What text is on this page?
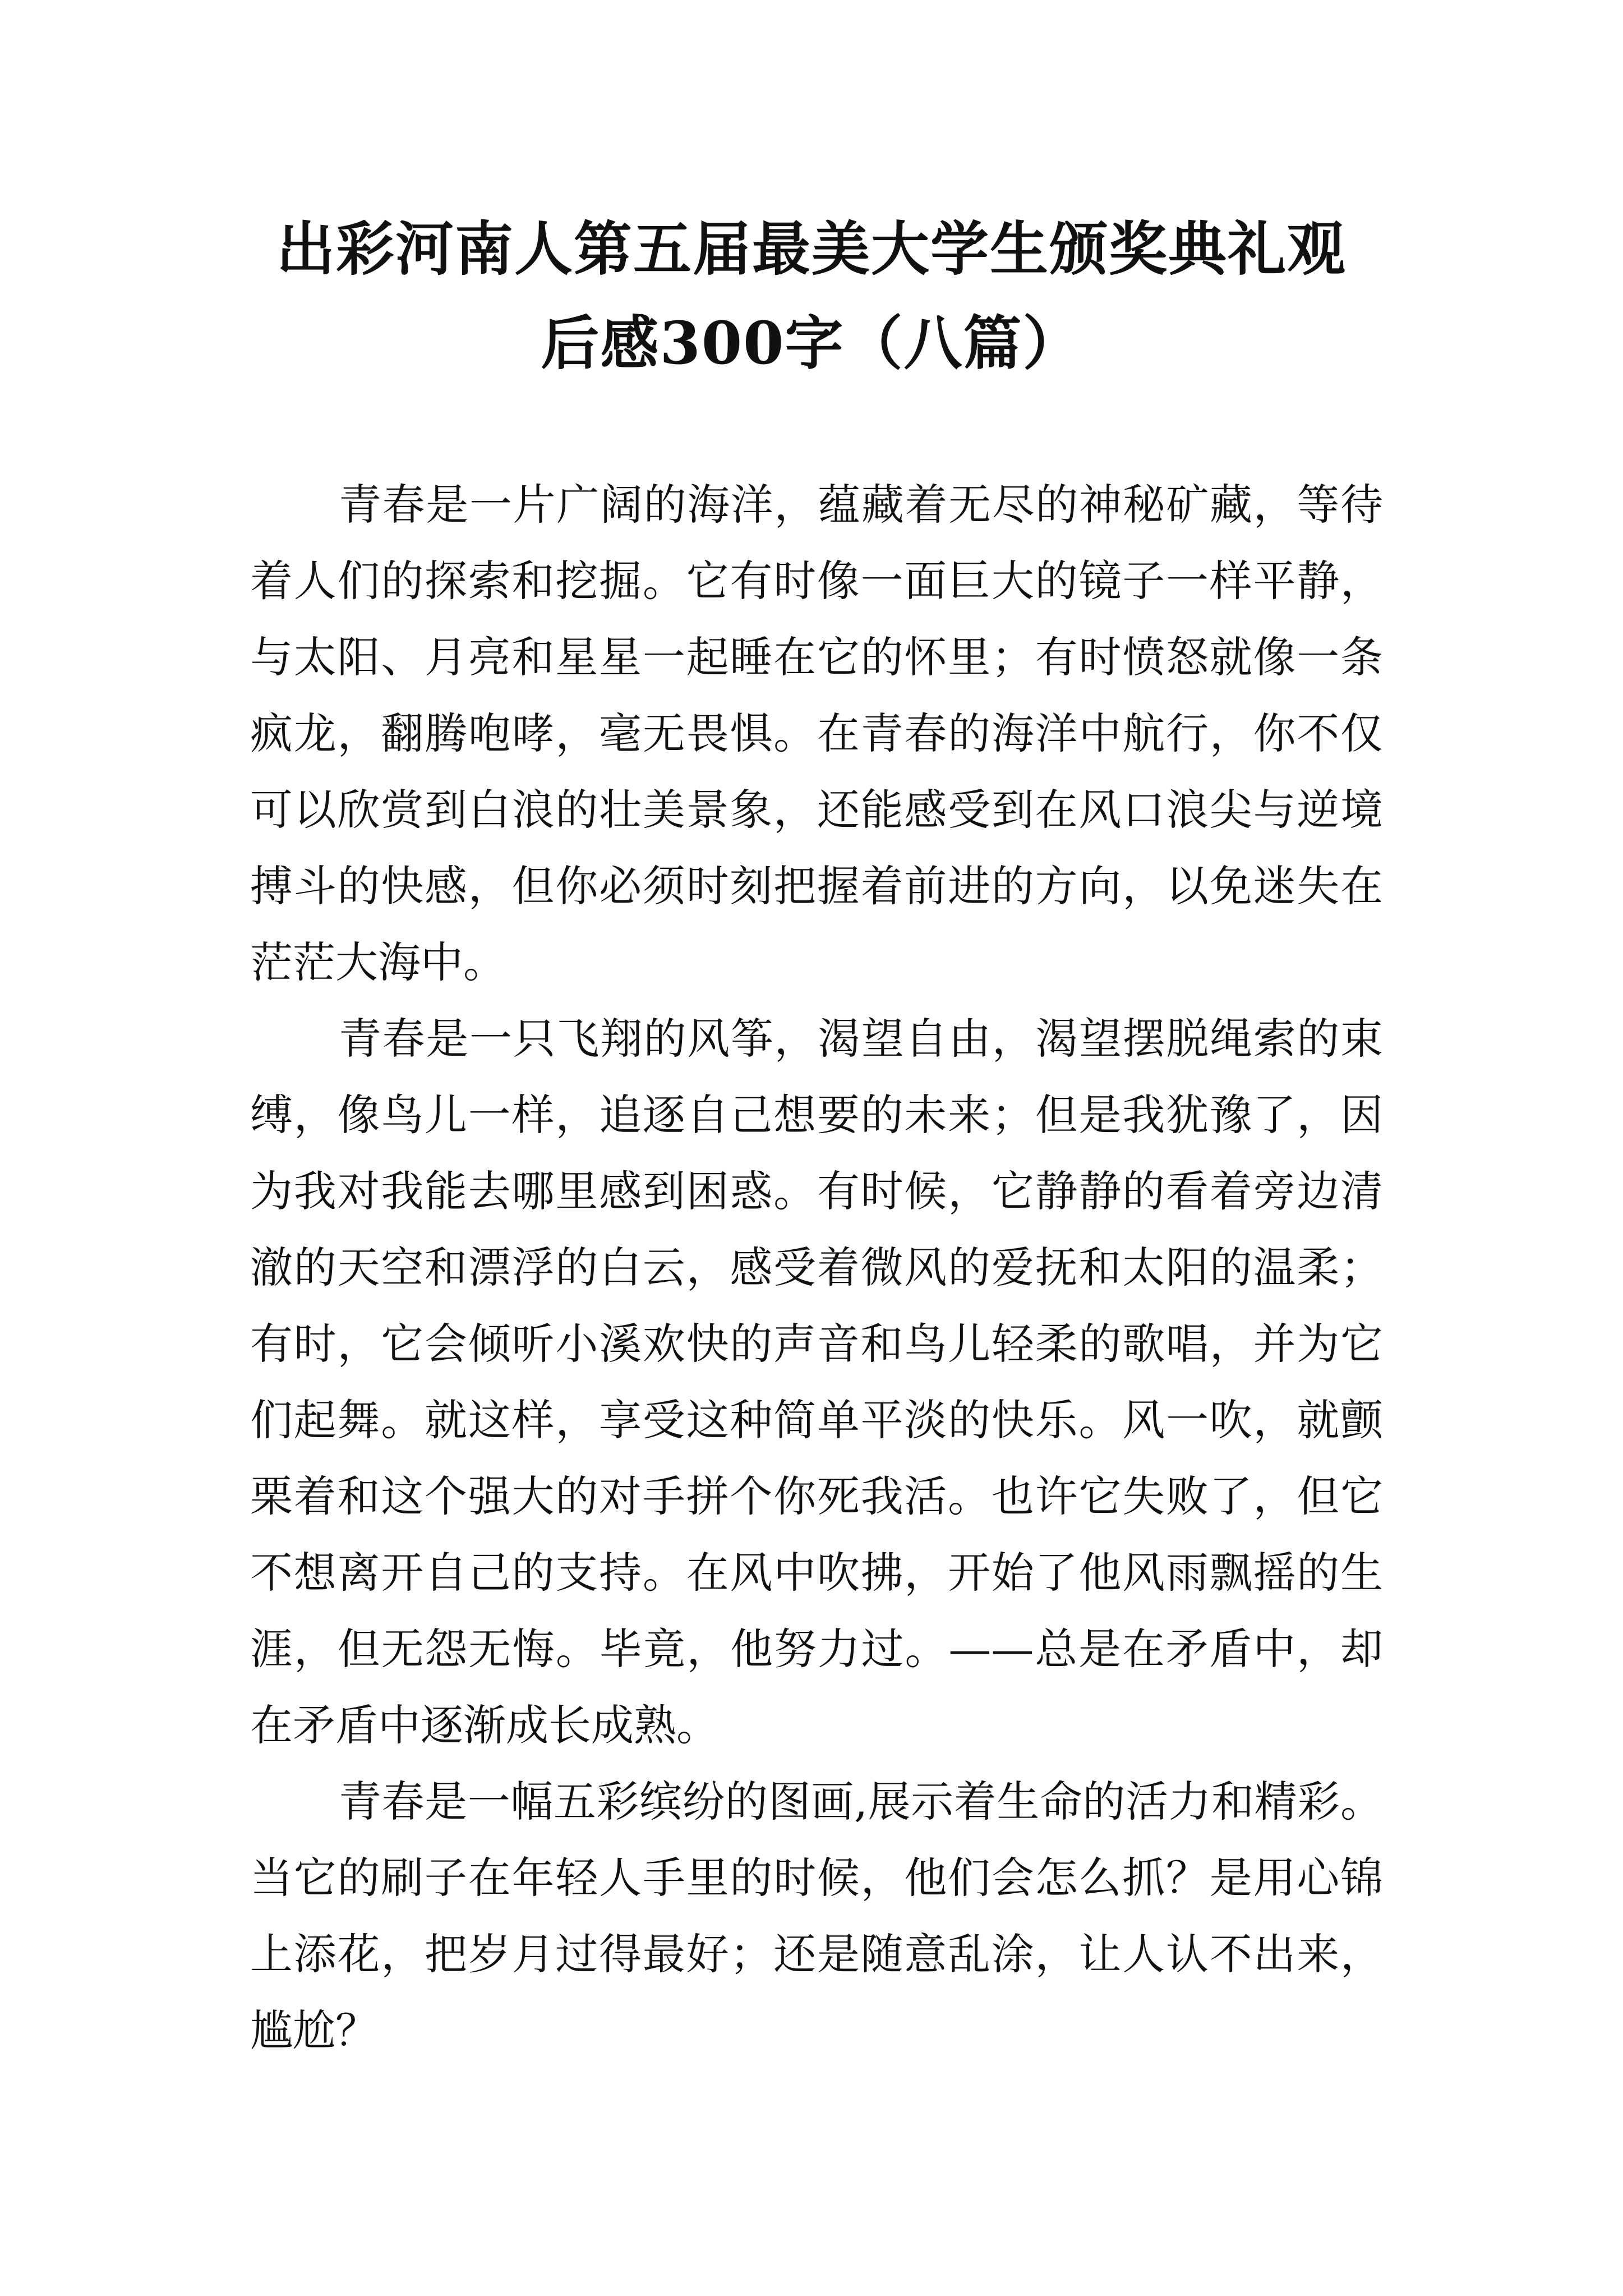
出彩河南人第五届最美大学生颁奖典礼观
后感300字（八篇）
青春是一片广阔的海洋，蕴藏着无尽的神秘矿藏，等待
着人们的探索和挖掘。它有时像一面巨大的镜子一样平静，
与太阳、月亮和星星一起睡在它的怀里；有时愤怒就像一条
疯龙，翻腾咆哮，毫无畏惧。在青春的海洋中航行，你不仅
可以欣赏到白浪的壮美景象，还能感受到在风口浪尖与逆境
搏斗的快感，但你必须时刻把握着前进的方向，以免迷失在
茫茫大海中。
青春是一只飞翔的风筝，渴望自由，渴望摆脱绳索的束
缚，像鸟儿一样，追逐自己想要的未来；但是我犹豫了，因
为我对我能去哪里感到困惑。有时候，它静静的看着旁边清
澈的天空和漂浮的白云，感受着微风的爱抚和太阳的温柔；
有时，它会倾听小溪欢快的声音和鸟儿轻柔的歌唱，并为它
们起舞。就这样，享受这种简单平淡的快乐。风一吹，就颤
栗着和这个强大的对手拼个你死我活。也许它失败了，但它
不想离开自己的支持。在风中吹拂，开始了他风雨飘摇的生
涯，但无怨无悔。毕竟，他努力过。——总是在矛盾中，却
在矛盾中逐渐成长成熟。
青春是一幅五彩缤纷的图画,展示着生命的活力和精彩。
当它的刷子在年轻人手里的时候，他们会怎么抓？是用心锦
上添花，把岁月过得最好；还是随意乱涂，让人认不出来，
尴尬？
